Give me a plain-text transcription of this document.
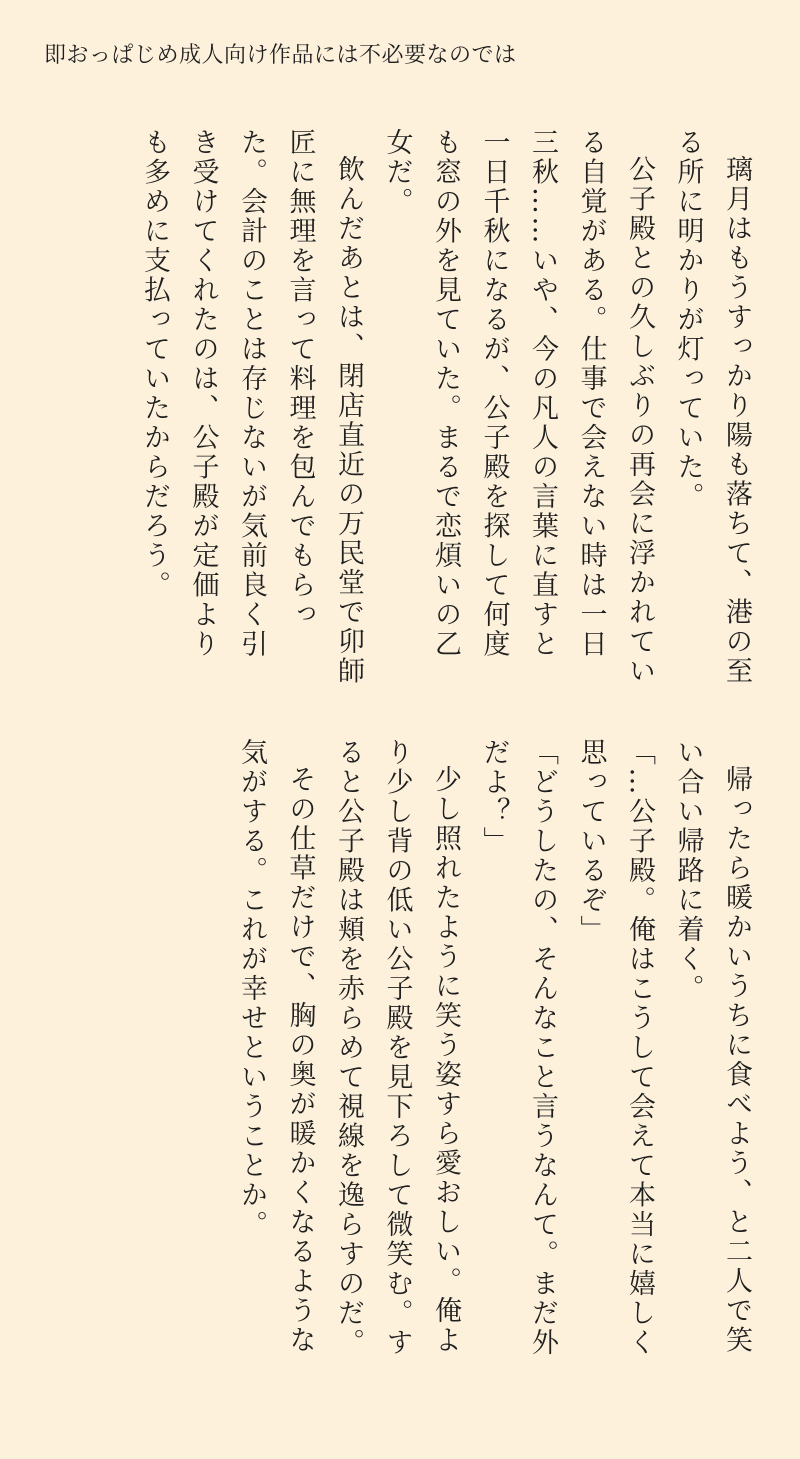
即おっぱじめ成人向け作品には不必要なのでは

璃月はもうすっかり陽も落ちて、港の至る所に明かりが灯っていた。

公子殿との久しぶりの再会に浮かれている自覚がある。仕事で会えない時は一日三秋……いや、今の凡人の言葉に直すと一日千秋になるが、公子殿を探して何度も窓の外を見ていた。まるで恋煩いの乙女だ。

飲んだあとは、閉店直近の万民堂で卯師匠に無理を言って料理を包んでもらった。会計のことは存じないが気前良く引き受けてくれたのは、公子殿が定価よりも多めに支払っていたからだろう。

帰ったら暖かいうちに食べよう、と二人で笑い合い帰路に着く。

「…公子殿。俺はこうして会えて本当に嬉しく思っているぞ」

「どうしたの、そんなこと言うなんて。まだ外だよ？」

少し照れたように笑う姿すら愛おしい。俺より少し背の低い公子殿を見下ろして微笑む。すると公子殿は頬を赤らめて視線を逸らすのだ。

その仕草だけで、胸の奥が暖かくなるような気がする。これが幸せということか。
